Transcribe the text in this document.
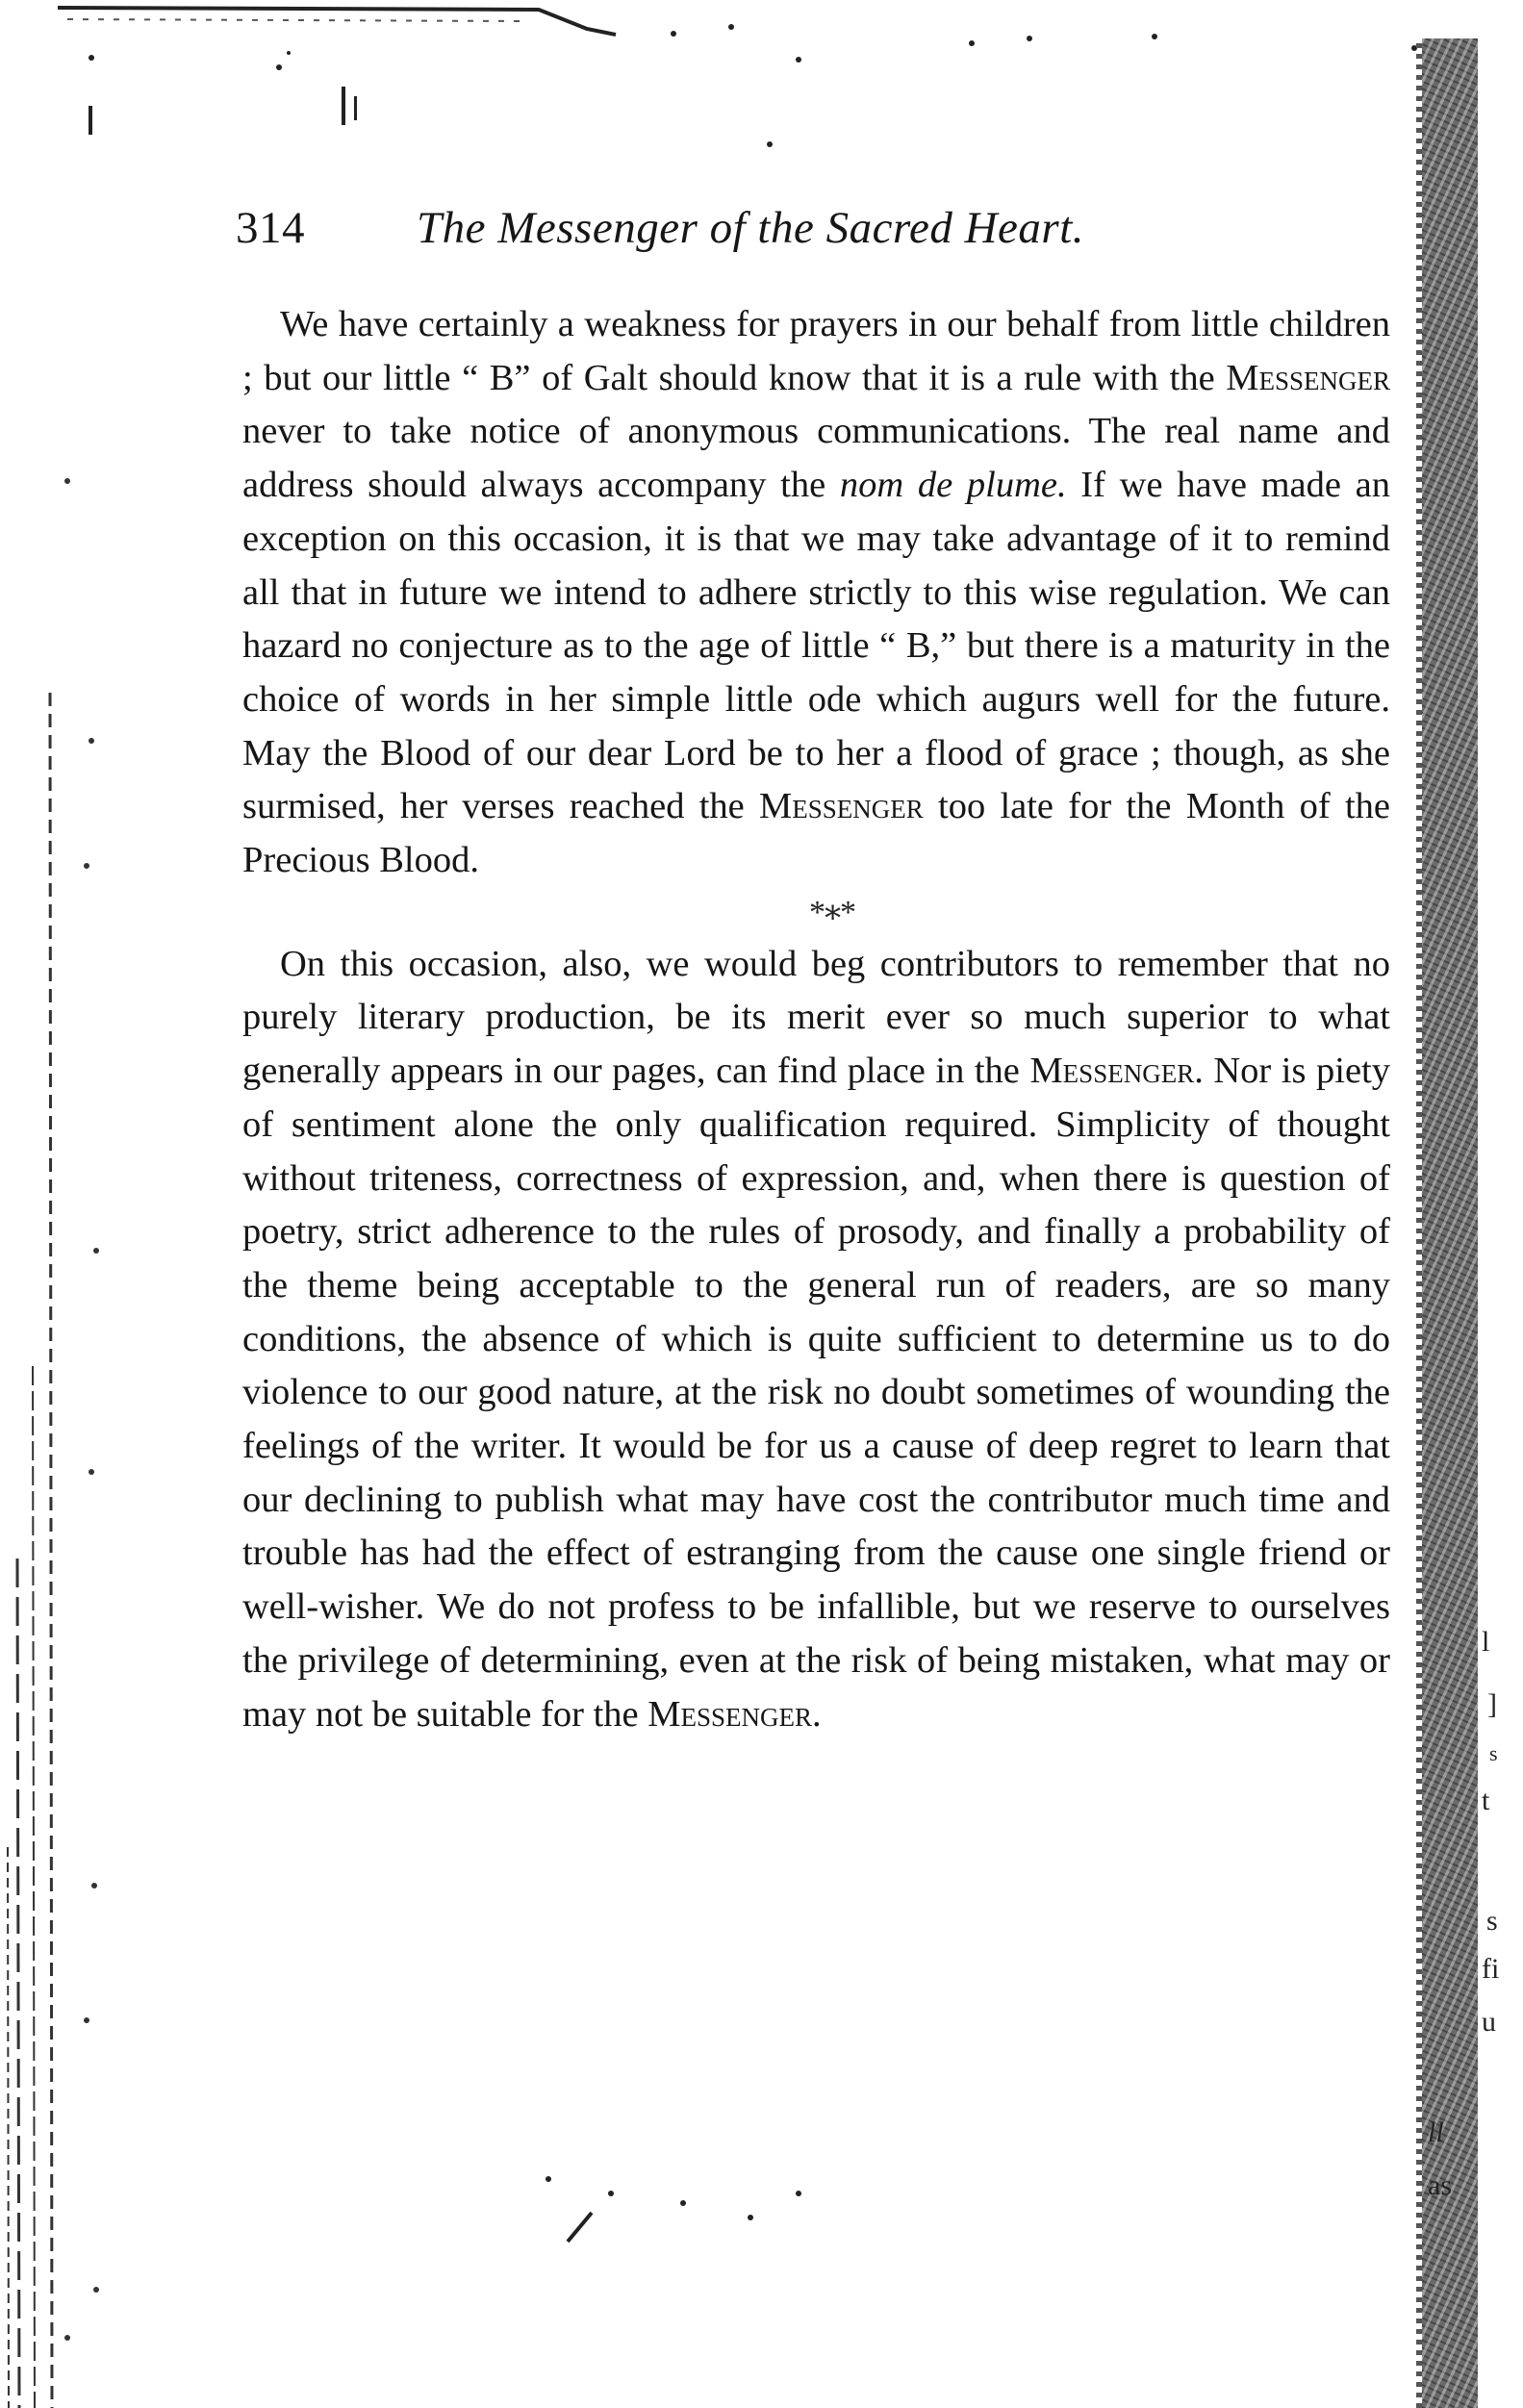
l
]
s
t
s
fi
u
ll
as
314 The Messenger of the Sacred Heart.

We have certainly a weakness for prayers in our behalf from little children ; but our little “ B” of Galt should know that it is a rule with the Messenger never to take notice of anonymous communications. The real name and address should always accompany the nom de plume. If we have made an exception on this occasion, it is that we may take advantage of it to remind all that in future we intend to adhere strictly to this wise regulation. We can hazard no conjecture as to the age of little “ B,” but there is a maturity in the choice of words in her simple little ode which augurs well for the future. May the Blood of our dear Lord be to her a flood of grace ; though, as she surmised, her verses reached the Messenger too late for the Month of the Precious Blood.

*∗*

On this occasion, also, we would beg contributors to remember that no purely literary production, be its merit ever so much superior to what generally appears in our pages, can find place in the Messenger. Nor is piety of sentiment alone the only qualification required. Simplicity of thought without triteness, correctness of expression, and, when there is question of poetry, strict adherence to the rules of prosody, and finally a probability of the theme being acceptable to the general run of readers, are so many conditions, the absence of which is quite sufficient to determine us to do violence to our good nature, at the risk no doubt sometimes of wounding the feelings of the writer. It would be for us a cause of deep regret to learn that our declining to publish what may have cost the contributor much time and trouble has had the effect of estranging from the cause one single friend or well-wisher. We do not profess to be infallible, but we reserve to ourselves the privilege of determining, even at the risk of being mistaken, what may or may not be suitable for the Messenger.
